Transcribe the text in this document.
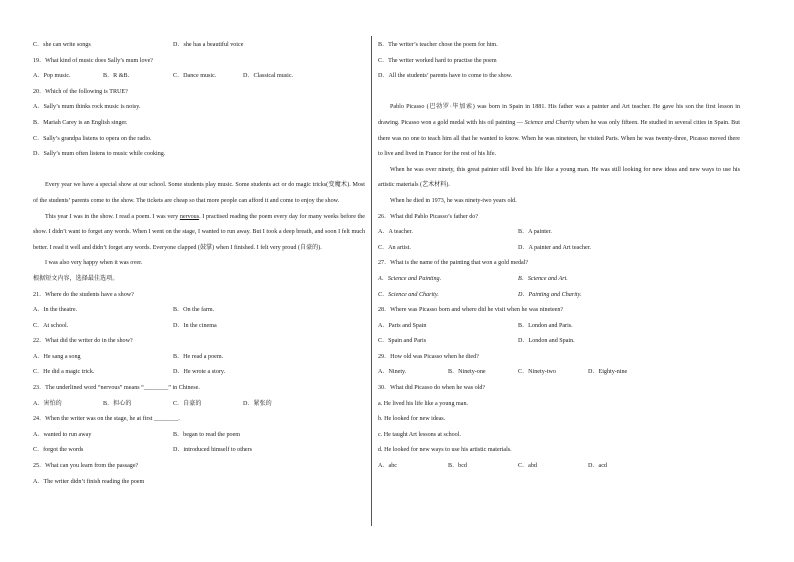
C．she can write songs	D．she has a beautiful voice
19．What kind of music does Sally’s mum love?
A．Pop music.	B．R &B．	C．Dance music.	D．Classical music.
20．Which of the following is TRUE?
A．Sally’s mum thinks rock music is noisy.
B．Mariah Carey is an English singer.
C．Sally’s grandpa listens to opera on the radio.
D．Sally’s mum often listens to music while cooking.
Every year we have a special show at our school. Some students play music. Some students act or do magic tricks(变魔术). Most of the students’ parents come to the show. The tickets are cheap so that more people can afford it and come to enjoy the show.
This year I was in the show. I read a poem. I was very nervous. I practised reading the poem every day for many weeks before the show. I didn’t want to forget any words. When I went on the stage, I wanted to run away. But I took a deep breath, and soon I felt much better. I read it well and didn’t forget any words. Everyone clapped (鼓掌) when I finished. I felt very proud (自豪的).
I was also very happy when it was over.
根据短文内容，选择最佳选项。
21．Where do the students have a show?
A．In the theatre.	B．On the farm.
C．At school.	D．In the cinema
22．What did the writer do in the show?
A．He sang a song	B．He read a poem.
C．He did a magic trick.	D．He wrote a story.
23．The underlined word “nervous” means “________” in Chinese.
A．害怕的	B．担心的	C．自豪的	D．紧张的
24．When the writer was on the stage, he at first ________.
A．wanted to run away	B．began to read the poem
C．forgot the words	D．introduced himself to others
25．What can you learn from the passage?
A．The writer didn’t finish reading the poem
B．The writer’s teacher chose the poem for him.
C．The writer worked hard to practise the poem
D．All the students’ parents have to come to the show.
Pablo Picasso (巴勃罗·毕加索) was born in Spain in 1881. His father was a painter and Art teacher. He gave his son the first lesson in drawing. Picasso won a gold medal with his oil painting — Science and Charity when he was only fifteen. He studied in several cities in Spain. But there was no one to teach him all that he wanted to know. When he was nineteen, he visited Paris. When he was twenty-three, Picasso moved there to live and lived in France for the rest of his life.
When he was over ninety, this great painter still lived his life like a young man. He was still looking for new ideas and new ways to use his artistic materials (艺术材料).
When he died in 1973, he was ninety-two years old.
26．What did Pablo Picasso’s father do?
A．A teacher.	B．A painter.
C．An artist.	D．A painter and Art teacher.
27．What is the name of the painting that won a gold medal?
A．Science and Painting.	B．Science and Art.
C．Science and Charity.	D．Painting and Charity.
28．Where was Picasso born and where did he visit when he was nineteen?
A．Paris and Spain	B．London and Paris.
C．Spain and Paris	D．London and Spain.
29．How old was Picasso when he died?
A．Ninety.	B．Ninety-one	C．Ninety-two	D．Eighty-nine
30．What did Picasso do when he was old?
a. He lived his life like a young man.
b. He looked for new ideas.
c. He taught Art lessons at school.
d. He looked for new ways to use his artistic materials.
A．abc	B．bcd	C．abd	D．acd
